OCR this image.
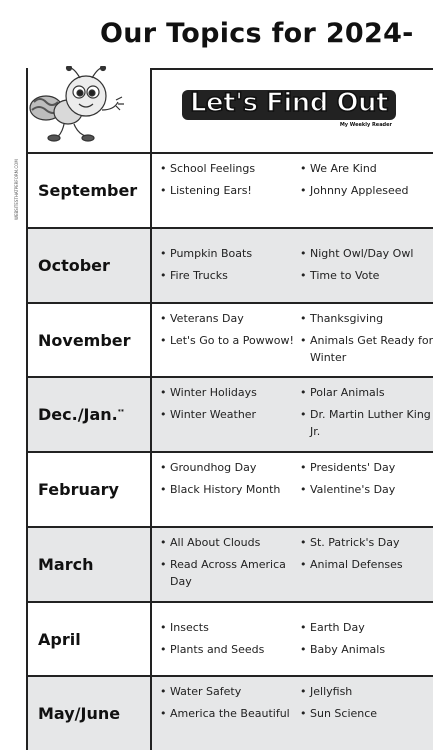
Our Topics for 2024-
WEBSITESTHATPERFORM.COM
Let's Find Out
My Weekly Reader
September
• School Feelings
• Listening Ears!
• We Are Kind
• Johnny Appleseed
October
• Pumpkin Boats
• Fire Trucks
• Night Owl/Day Owl
• Time to Vote
November
• Veterans Day
• Let's Go to a Powwow!
• Thanksgiving
• Animals Get Ready for Winter
Dec./Jan.**
• Winter Holidays
• Winter Weather
• Polar Animals
• Dr. Martin Luther King Jr.
February
• Groundhog Day
• Black History Month
• Presidents' Day
• Valentine's Day
March
• All About Clouds
• Read Across America Day
• St. Patrick's Day
• Animal Defenses
April
• Insects
• Plants and Seeds
• Earth Day
• Baby Animals
May/June
• Water Safety
• America the Beautiful
• Jellyfish
• Sun Science
